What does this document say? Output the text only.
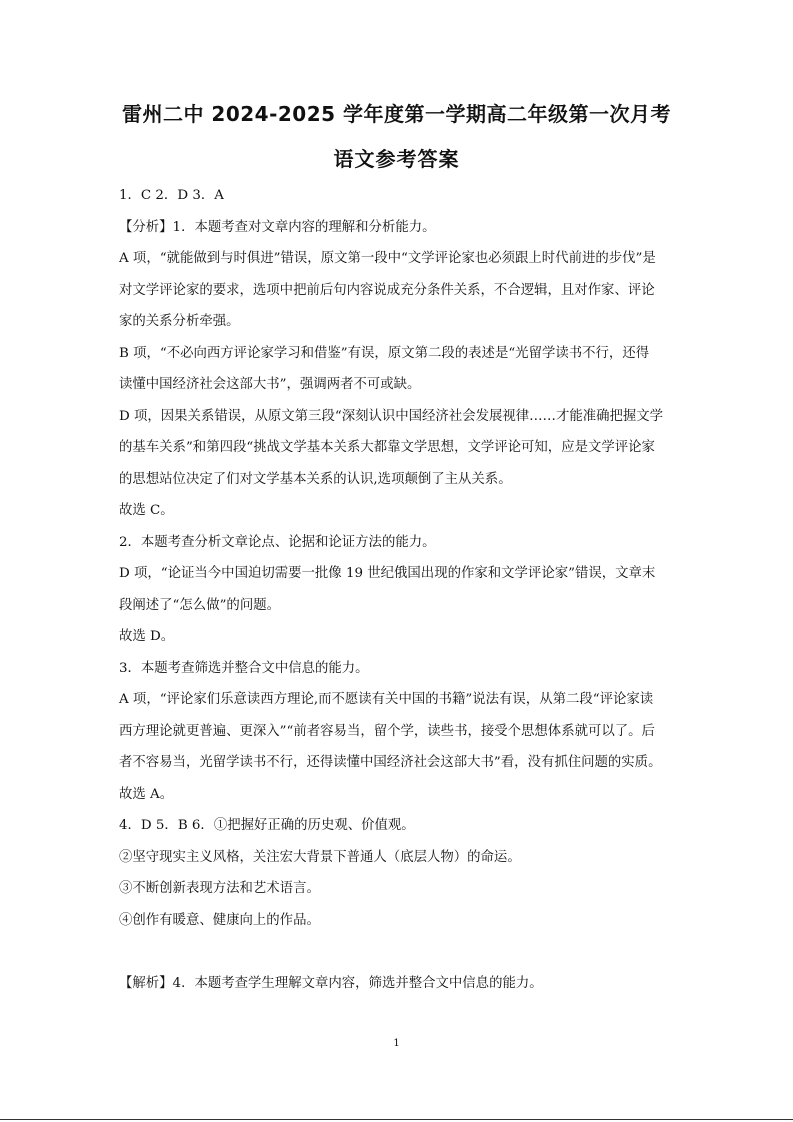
雷州二中 2024-2025 学年度第一学期高二年级第一次月考
语文参考答案

1．C 2．D 3．A

【分析】1．本题考查对文章内容的理解和分析能力。

A 项，“就能做到与时俱进”错误，原文第一段中“文学评论家也必须跟上时代前进的步伐”是

对文学评论家的要求，选项中把前后句内容说成充分条件关系，不合逻辑，且对作家、评论

家的关系分析牵强。

B 项，“不必向西方评论家学习和借鉴”有误，原文第二段的表述是“光留学读书不行，还得

读懂中国经济社会这部大书”，强调两者不可或缺。

D 项，因果关系错误，从原文第三段“深刻认识中国经济社会发展视律……才能准确把握文学

的基车关系”和第四段“挑战文学基本关系大都靠文学思想，文学评论可知，应是文学评论家

的思想站位决定了们对文学基本关系的认识,选项颠倒了主从关系。

故选 C。

2．本题考查分析文章论点、论据和论证方法的能力。

D 项，“论证当今中国迫切需要一批像 19 世纪俄国出现的作家和文学评论家”错误，文章末

段阐述了“怎么做”的问题。

故选 D。

3．本题考查筛选并整合文中信息的能力。

A 项，“评论家们乐意读西方理论,而不愿读有关中国的书籍”说法有误，从第二段“评论家读

西方理论就更普遍、更深入”“前者容易当，留个学，读些书，接受个思想体系就可以了。后

者不容易当，光留学读书不行，还得读懂中国经济社会这部大书”看，没有抓住问题的实质。

故选 A。

4．D 5．B 6．①把握好正确的历史观、价值观。

②坚守现实主义风格，关注宏大背景下普通人（底层人物）的命运。

③不断创新表现方法和艺术语言。

④创作有暖意、健康向上的作品。

【解析】4．本题考查学生理解文章内容，筛选并整合文中信息的能力。

1
